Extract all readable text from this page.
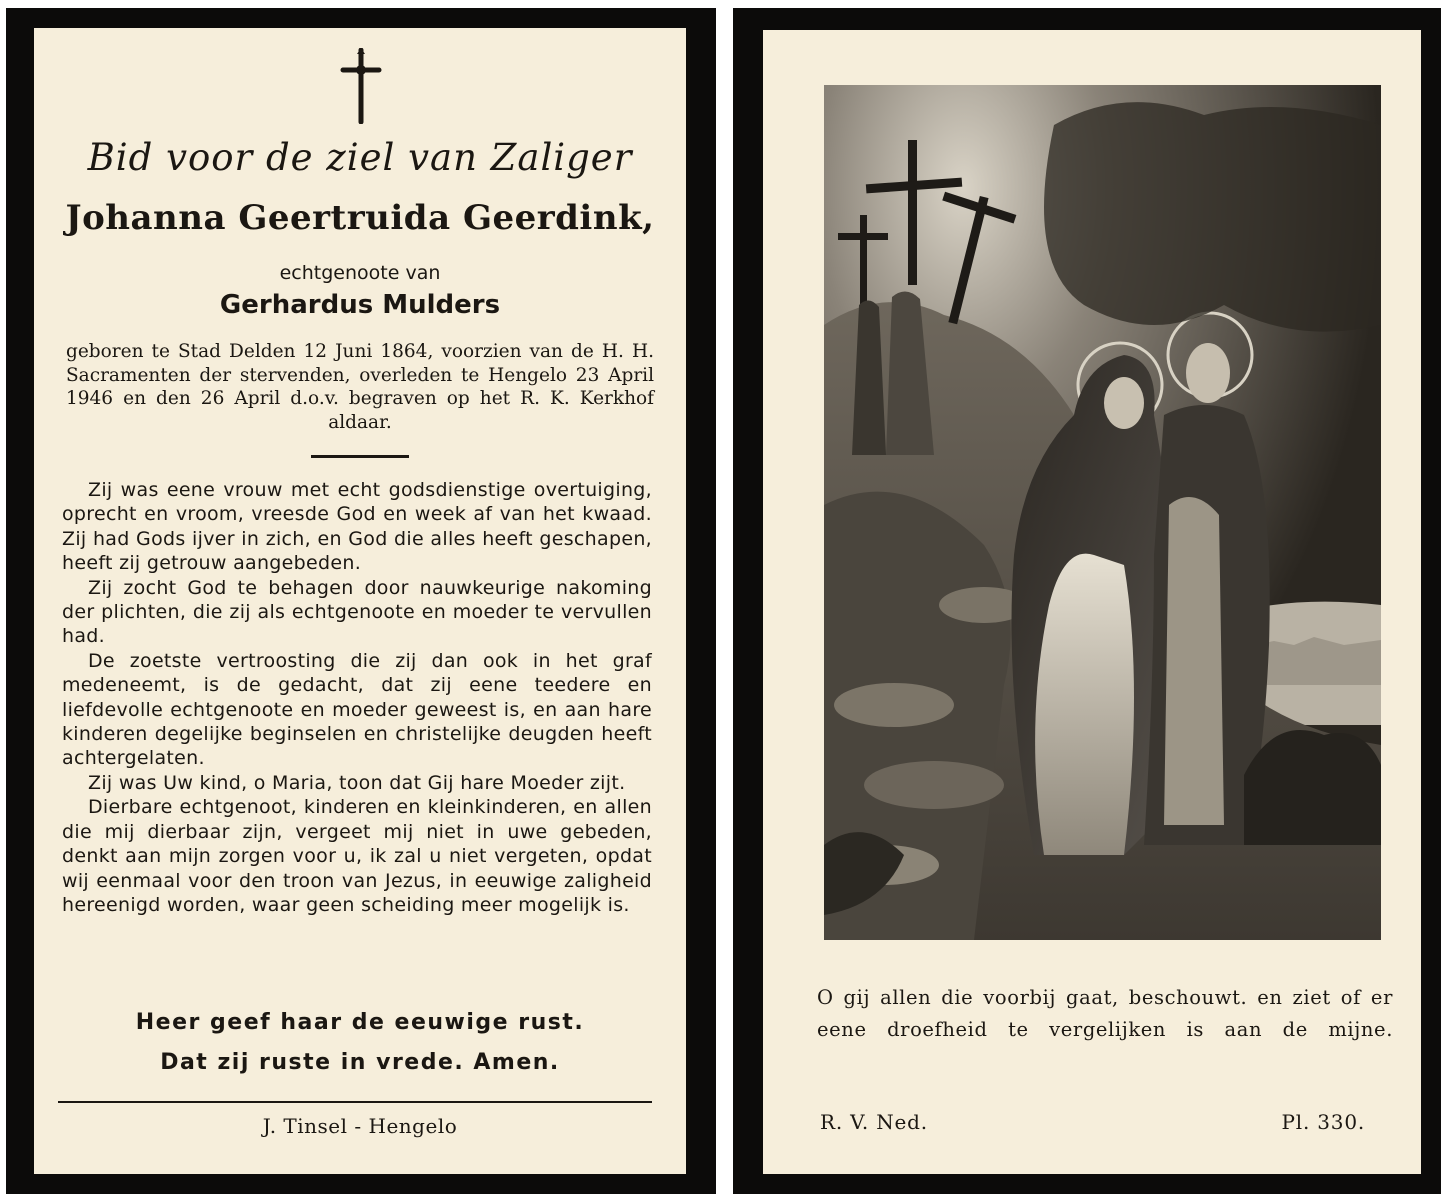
Bid voor de ziel van Zaliger
Johanna Geertruida Geerdink,
echtgenoote van
Gerhardus Mulders
geboren te Stad Delden 12 Juni 1864, voorzien van de H. H. Sacramenten der stervenden, overleden te Hengelo 23 April 1946 en den 26 April d.o.v. begraven op het R. K. Kerkhof aldaar.

Zij was eene vrouw met echt godsdienstige overtuiging, oprecht en vroom, vreesde God en week af van het kwaad. Zij had Gods ijver in zich, en God die alles heeft geschapen, heeft zij getrouw aangebeden.

Zij zocht God te behagen door nauwkeurige nakoming der plichten, die zij als echtgenoote en moeder te vervullen had.

De zoetste vertroosting die zij dan ook in het graf medeneemt, is de gedacht, dat zij eene teedere en liefdevolle echtgenoote en moeder geweest is, en aan hare kinderen degelijke beginselen en christelijke deugden heeft achtergelaten.

Zij was Uw kind, o Maria, toon dat Gij hare Moeder zijt.

Dierbare echtgenoot, kinderen en kleinkinderen, en allen die mij dierbaar zijn, vergeet mij niet in uwe gebeden, denkt aan mijn zorgen voor u, ik zal u niet vergeten, opdat wij eenmaal voor den troon van Jezus, in eeuwige zaligheid hereenigd worden, waar geen scheiding meer mogelijk is.

Heer geef haar de eeuwige rust.
Dat zij ruste in vrede. Amen.
J. Tinsel - Hengelo
O gij allen die voorbij gaat, beschouwt. en ziet of er eene droefheid te vergelijken is aan de mijne.
R. V. Ned.	Pl. 330.
